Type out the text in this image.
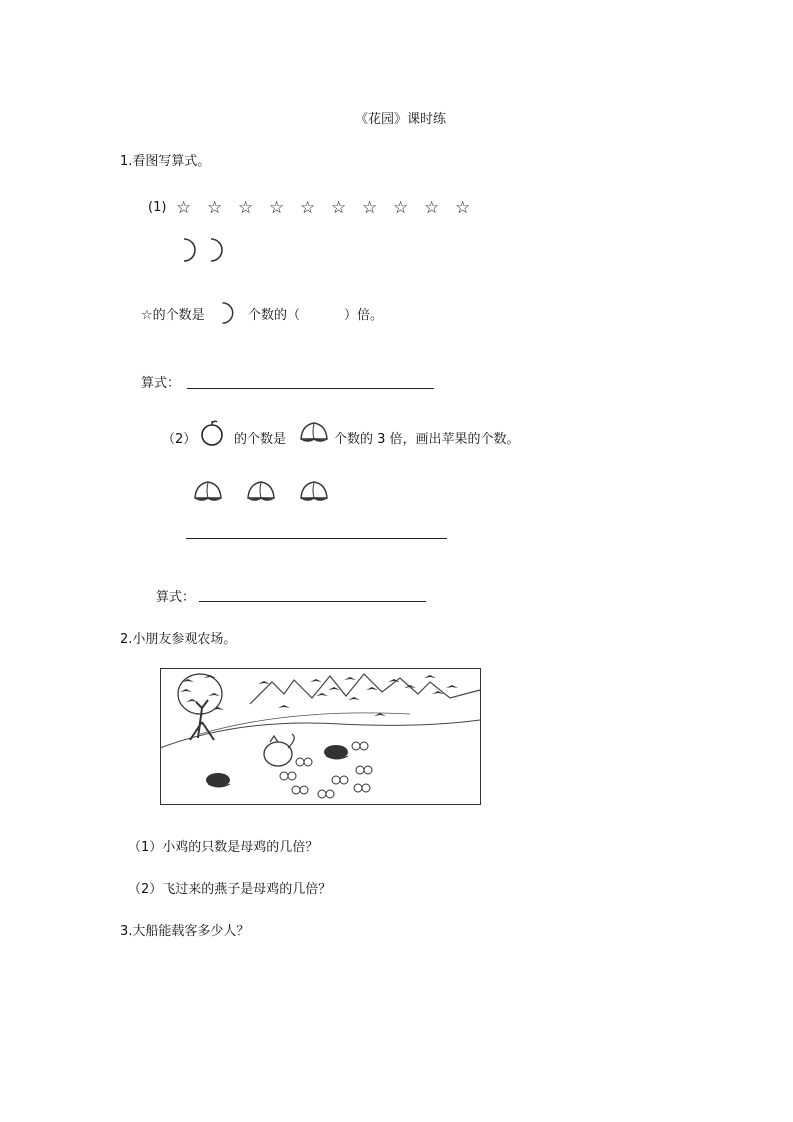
《花园》课时练
1.看图写算式。
(1) ☆ ☆ ☆ ☆ ☆ ☆ ☆ ☆ ☆ ☆
☆的个数是	个数的（	）倍。
算式：
（2）	的个数是	个数的 3 倍，画出苹果的个数。
算式：
2.小朋友参观农场。
（1）小鸡的只数是母鸡的几倍？
（2）飞过来的燕子是母鸡的几倍？
3.大船能载客多少人？
